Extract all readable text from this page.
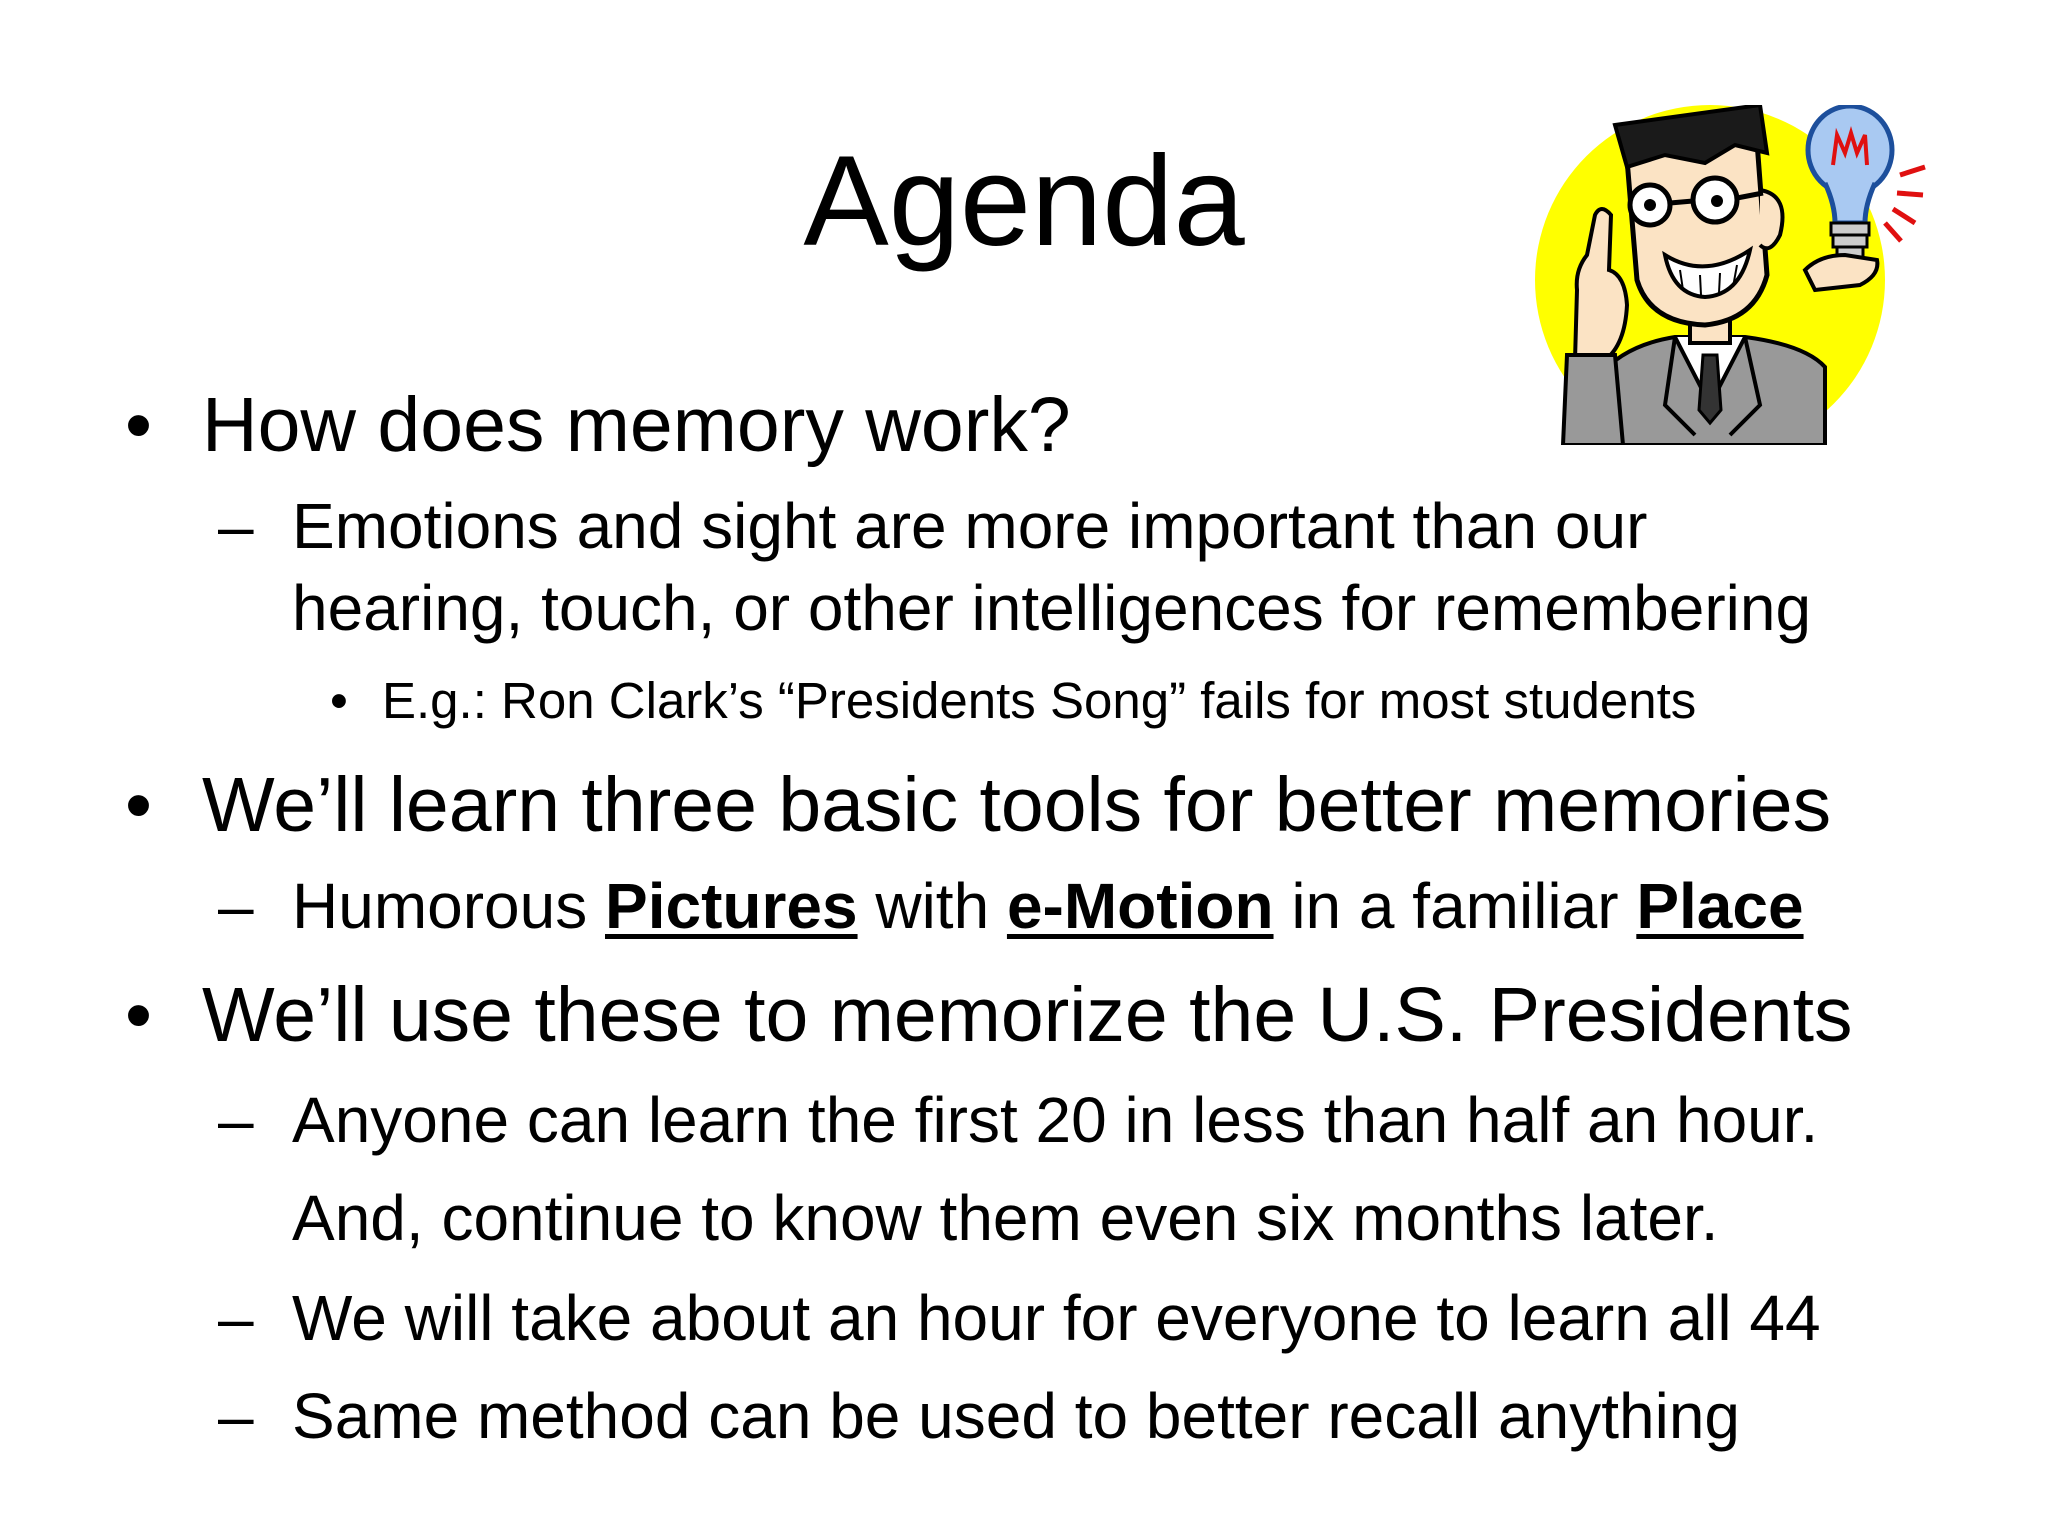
Agenda
• How does memory work?

– Emotions and sight are more important than our

hearing, touch, or other intelligences for remembering

• E.g.: Ron Clark’s “Presidents Song” fails for most students

• We’ll learn three basic tools for better memories

– Humorous Pictures with e-Motion in a familiar Place

• We’ll use these to memorize the U.S. Presidents

– Anyone can learn the first 20 in less than half an hour.

And, continue to know them even six months later.

– We will take about an hour for everyone to learn all 44

– Same method can be used to better recall anything
